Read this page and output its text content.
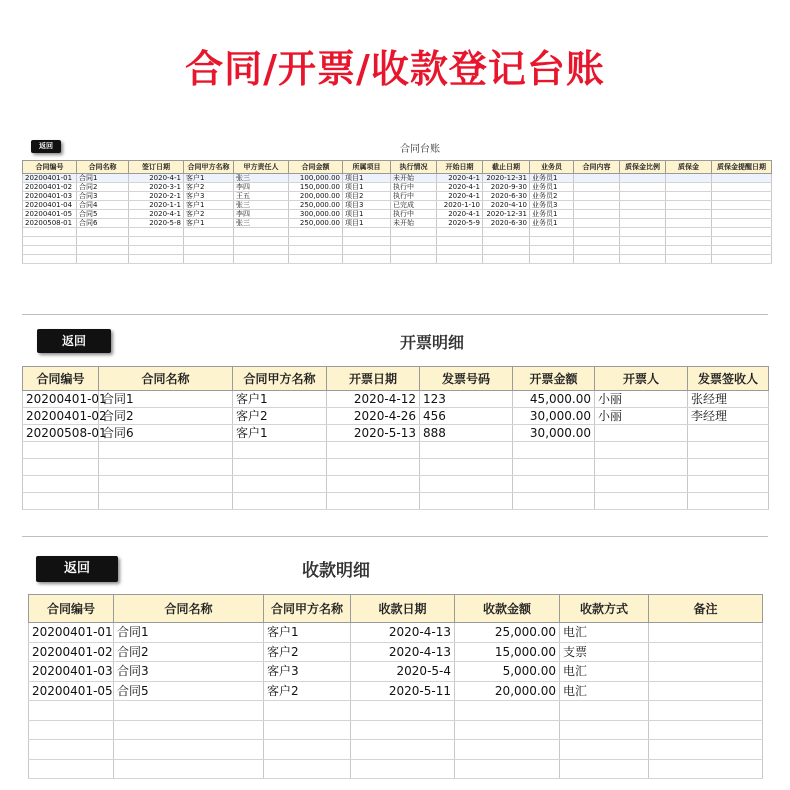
合同/开票/收款登记台账
返回	合同台账
合同编号	合同名称	签订日期	合同甲方名称	甲方责任人	合同金额	所属项目	执行情况	开始日期	截止日期	业务员	合同内容	质保金比例	质保金	质保金提醒日期
20200401-01	合同1	2020-4-1	客户1	张三	100,000.00	项目1	未开始	2020-4-1	2020-12-31	业务员1				
20200401-02	合同2	2020-3-1	客户2	李四	150,000.00	项目1	执行中	2020-4-1	2020-9-30	业务员1				
20200401-03	合同3	2020-2-1	客户3	王五	200,000.00	项目2	执行中	2020-4-1	2020-6-30	业务员2				
20200401-04	合同4	2020-1-1	客户1	张三	250,000.00	项目3	已完成	2020-1-10	2020-4-10	业务员3				
20200401-05	合同5	2020-4-1	客户2	李四	300,000.00	项目1	执行中	2020-4-1	2020-12-31	业务员1				
20200508-01	合同6	2020-5-8	客户1	张三	250,000.00	项目1	未开始	2020-5-9	2020-6-30	业务员1				

返回	开票明细
合同编号	合同名称	合同甲方名称	开票日期	发票号码	开票金额	开票人	发票签收人
20200401-01	合同1	客户1	2020-4-12	123	45,000.00	小丽	张经理
20200401-02	合同2	客户2	2020-4-26	456	30,000.00	小丽	李经理
20200508-01	合同6	客户1	2020-5-13	888	30,000.00		

返回	收款明细
合同编号	合同名称	合同甲方名称	收款日期	收款金额	收款方式	备注
20200401-01	合同1	客户1	2020-4-13	25,000.00	电汇	
20200401-02	合同2	客户2	2020-4-13	15,000.00	支票	
20200401-03	合同3	客户3	2020-5-4	5,000.00	电汇	
20200401-05	合同5	客户2	2020-5-11	20,000.00	电汇	
